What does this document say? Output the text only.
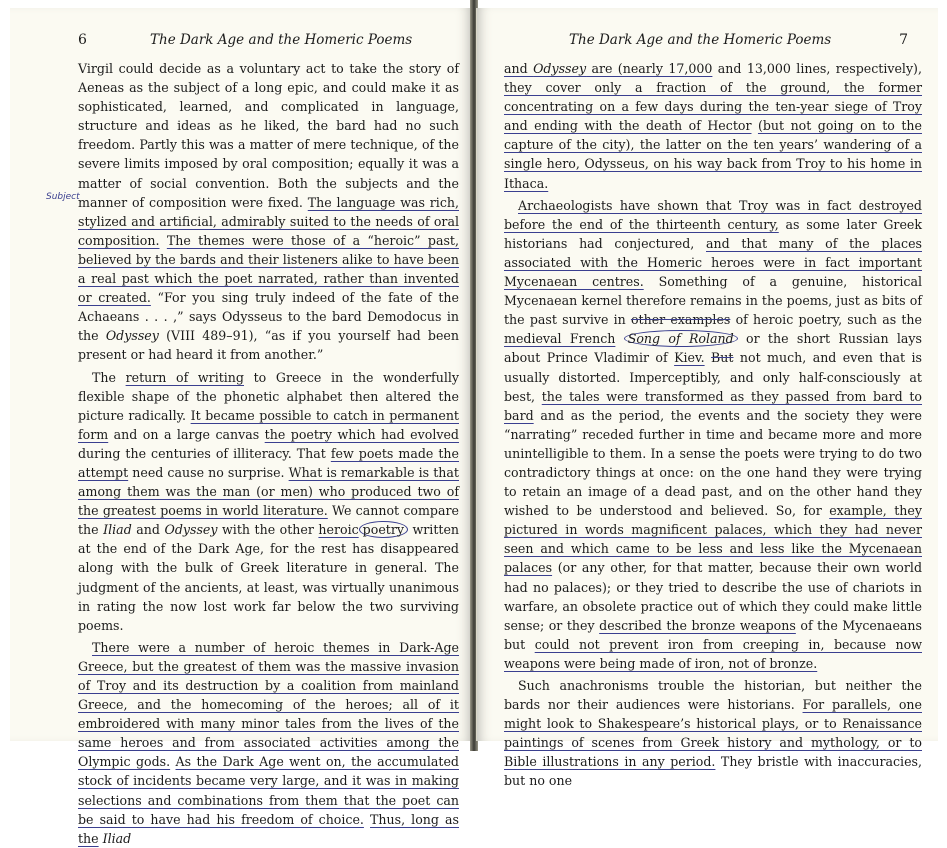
6	The Dark Age and the Homeric Poems
Subject

Virgil could decide as a voluntary act to take the story of Aeneas as the subject of a long epic, and could make it as sophisticated, learned, and complicated in language, structure and ideas as he liked, the bard had no such freedom. Partly this was a matter of mere technique, of the severe limits imposed by oral composition; equally it was a matter of social convention. Both the subjects and the manner of composition were fixed. The language was rich, stylized and artificial, admirably suited to the needs of oral composition. The themes were those of a “heroic” past, believed by the bards and their listeners alike to have been a real past which the poet narrated, rather than invented or created. “For you sing truly indeed of the fate of the Achaeans . . . ,” says Odysseus to the bard Demodocus in the Odyssey (VIII 489–91), “as if you yourself had been present or had heard it from another.”

The return of writing to Greece in the wonderfully flexible shape of the phonetic alphabet then altered the picture radically. It became possible to catch in permanent form and on a large canvas the poetry which had evolved during the centuries of illiteracy. That few poets made the attempt need cause no surprise. What is remarkable is that among them was the man (or men) who produced two of the greatest poems in world literature. We cannot compare the Iliad and Odyssey with the other heroic poetry written at the end of the Dark Age, for the rest has disappeared along with the bulk of Greek literature in general. The judgment of the ancients, at least, was virtually unanimous in rating the now lost work far below the two surviving poems.

There were a number of heroic themes in Dark-Age Greece, but the greatest of them was the massive invasion of Troy and its destruction by a coalition from mainland Greece, and the homecoming of the heroes; all of it embroidered with many minor tales from the lives of the same heroes and from associated activities among the Olympic gods. As the Dark Age went on, the accumulated stock of incidents became very large, and it was in making selections and combinations from them that the poet can be said to have had his freedom of choice. Thus, long as the Iliad

The Dark Age and the Homeric Poems	7

and Odyssey are (nearly 17,000 and 13,000 lines, respectively), they cover only a fraction of the ground, the former concentrating on a few days during the ten-year siege of Troy and ending with the death of Hector (but not going on to the capture of the city), the latter on the ten years’ wandering of a single hero, Odysseus, on his way back from Troy to his home in Ithaca.

Archaeologists have shown that Troy was in fact destroyed before the end of the thirteenth century, as some later Greek historians had conjectured, and that many of the places associated with the Homeric heroes were in fact important Mycenaean centres. Something of a genuine, historical Mycenaean kernel therefore remains in the poems, just as bits of the past survive in other examples of heroic poetry, such as the medieval French Song of Roland or the short Russian lays about Prince Vladimir of Kiev. But not much, and even that is usually distorted. Imperceptibly, and only half-consciously at best, the tales were transformed as they passed from bard to bard and as the period, the events and the society they were “narrating” receded further in time and became more and more unintelligible to them. In a sense the poets were trying to do two contradictory things at once: on the one hand they were trying to retain an image of a dead past, and on the other hand they wished to be understood and believed. So, for example, they pictured in words magnificent palaces, which they had never seen and which came to be less and less like the Mycenaean palaces (or any other, for that matter, because their own world had no palaces); or they tried to describe the use of chariots in warfare, an obsolete practice out of which they could make little sense; or they described the bronze weapons of the Mycenaeans but could not prevent iron from creeping in, because now weapons were being made of iron, not of bronze.

Such anachronisms trouble the historian, but neither the bards nor their audiences were historians. For parallels, one might look to Shakespeare’s historical plays, or to Renaissance paintings of scenes from Greek history and mythology, or to Bible illustrations in any period. They bristle with inaccuracies, but no one
